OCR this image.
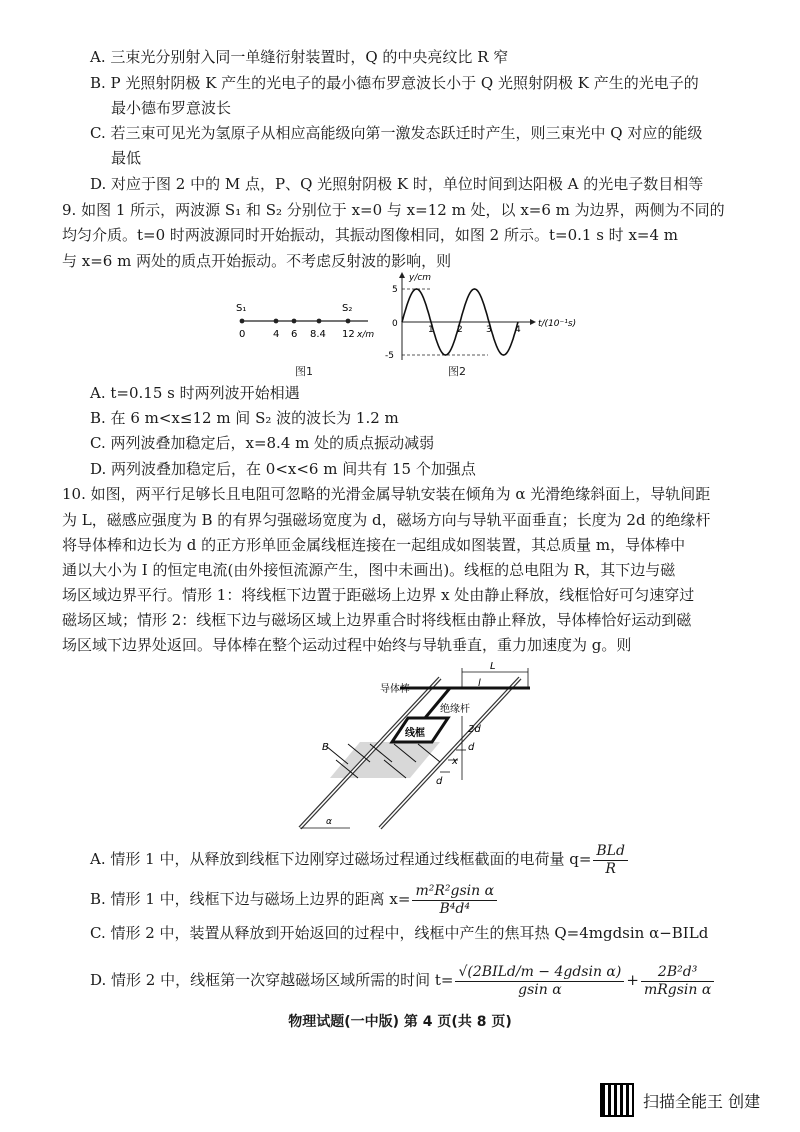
A. 三束光分别射入同一单缝衍射装置时，Q 的中央亮纹比 R 窄
B. P 光照射阴极 K 产生的光电子的最小德布罗意波长小于 Q 光照射阴极 K 产生的光电子的
最小德布罗意波长
C. 若三束可见光为氢原子从相应高能级向第一激发态跃迁时产生，则三束光中 Q 对应的能级
最低
D. 对应于图 2 中的 M 点，P、Q 光照射阴极 K 时，单位时间到达阳极 A 的光电子数目相等
9. 如图 1 所示，两波源 S₁ 和 S₂ 分别位于 x=0 与 x=12 m 处，以 x=6 m 为边界，两侧为不同的
均匀介质。t=0 时两波源同时开始振动，其振动图像相同，如图 2 所示。t=0.1 s 时 x=4 m
与 x=6 m 两处的质点开始振动。不考虑反射波的影响，则
S₁	S₂
0	4 6 8.4 12 x/m
图1
y/cm
5
-5
0
1	2	3	4
t/(10⁻¹s)
图2
A. t=0.15 s 时两列波开始相遇
B. 在 6 m<x≤12 m 间 S₂ 波的波长为 1.2 m
C. 两列波叠加稳定后，x=8.4 m 处的质点振动减弱
D. 两列波叠加稳定后，在 0<x<6 m 间共有 15 个加强点
10. 如图，两平行足够长且电阻可忽略的光滑金属导轨安装在倾角为 α 光滑绝缘斜面上，导轨间距
为 L，磁感应强度为 B 的有界匀强磁场宽度为 d，磁场方向与导轨平面垂直；长度为 2d 的绝缘杆
将导体棒和边长为 d 的正方形单匝金属线框连接在一起组成如图装置，其总质量 m，导体棒中
通以大小为 I 的恒定电流(由外接恒流源产生，图中未画出)。线框的总电阻为 R，其下边与磁
场区域边界平行。情形 1：将线框下边置于距磁场上边界 x 处由静止释放，线框恰好可匀速穿过
磁场区域；情形 2：线框下边与磁场区域上边界重合时将线框由静止释放，导体棒恰好运动到磁
场区域下边界处返回。导体棒在整个运动过程中始终与导轨垂直，重力加速度为 g。则
导体棒
绝缘杆
线框
L
l
2d
d
x
d
B
α
A. 情形 1 中，从释放到线框下边刚穿过磁场过程通过线框截面的电荷量 $q= \frac{\text{BLd}}{R}$
B. 情形 1 中，线框下边与磁场上边界的距离 $x= \frac{\text{m²R²gsin α}}{\text{B⁴d⁴}}$
C. 情形 2 中，装置从释放到开始返回的过程中，线框中产生的焦耳热 Q=4mgdsin α−BILd
D. 情形 2 中，线框第一次穿越磁场区域所需的时间 $t= \frac{\text{√(2BILd/m − 4gdsin α)}}{\text{gsin α}} + \frac{\text{2B²d³}}{\text{mRgsin α}}$
物理试题(一中版) 第 4 页(共 8 页)
扫描全能王 创建
